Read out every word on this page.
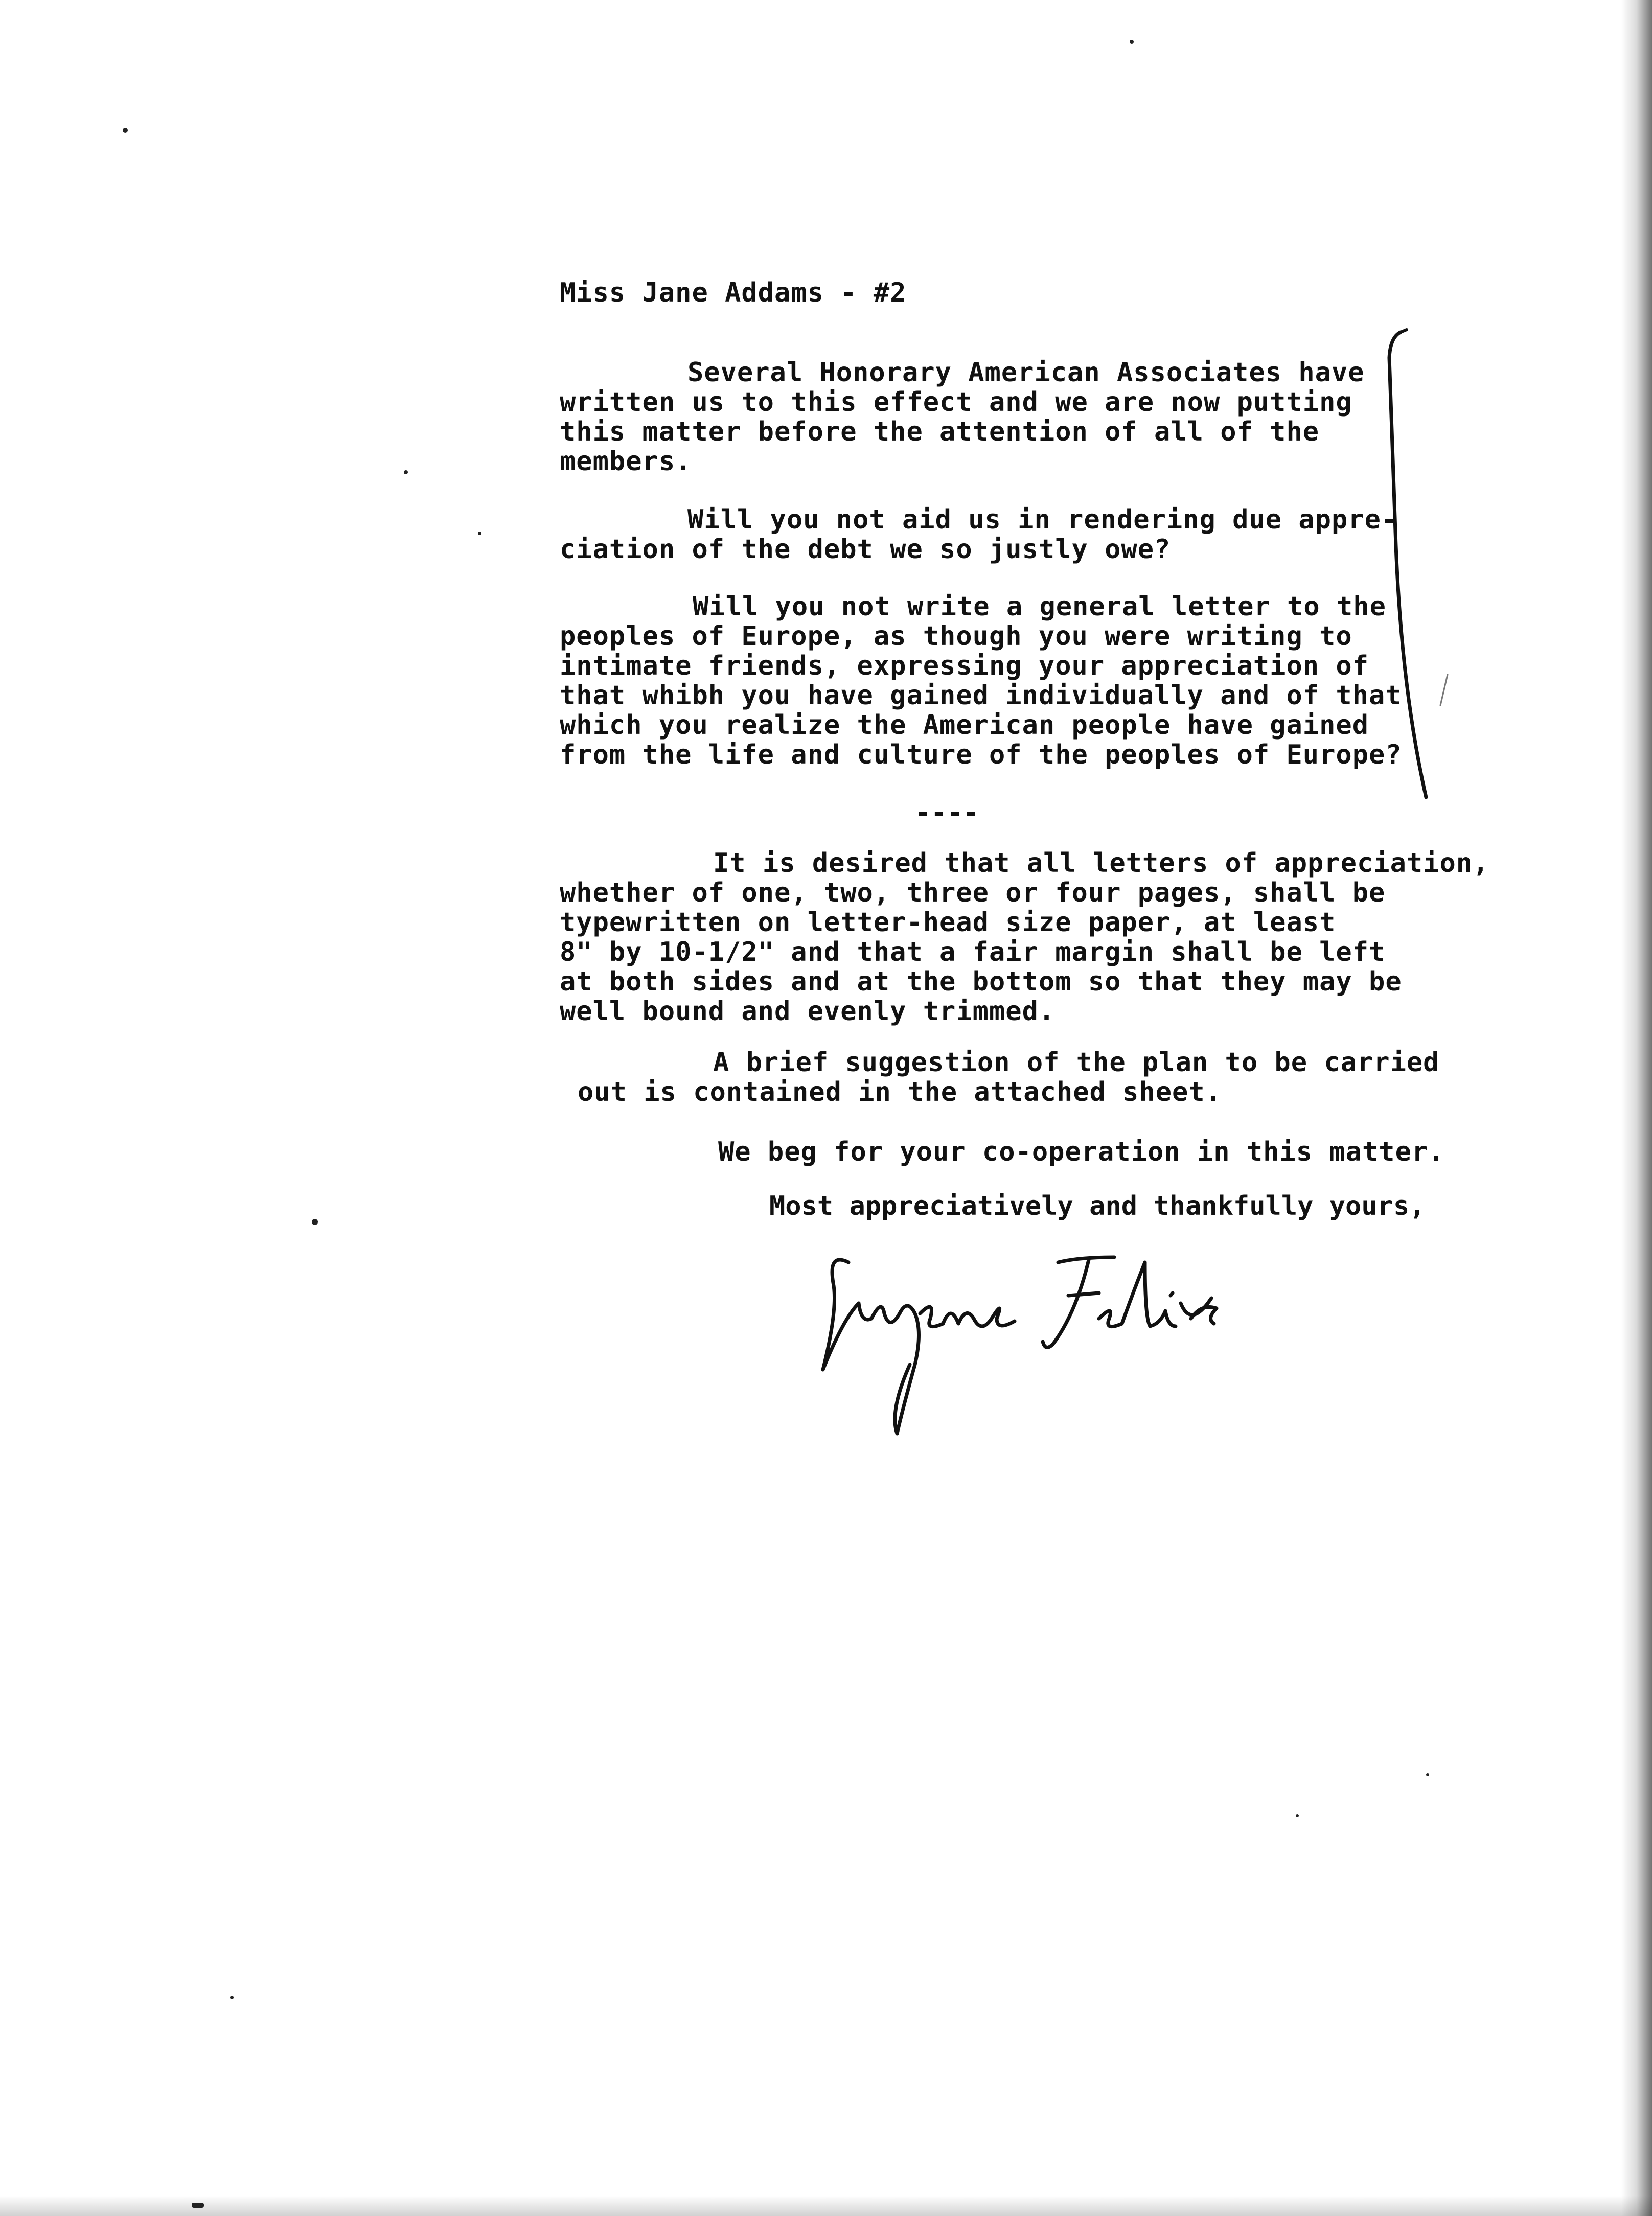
Miss Jane Addams - #2
Several Honorary American Associates have
written us to this effect and we are now putting
this matter before the attention of all of the
members.
Will you not aid us in rendering due appre-
ciation of the debt we so justly owe?
Will you not write a general letter to the
peoples of Europe, as though you were writing to
intimate friends, expressing your appreciation of
that whibh you have gained individually and of that
which you realize the American people have gained
from the life and culture of the peoples of Europe?
----
It is desired that all letters of appreciation,
whether of one, two, three or four pages, shall be
typewritten on letter-head size paper, at least
8" by 10-1/2" and that a fair margin shall be left
at both sides and at the bottom so that they may be
well bound and evenly trimmed.
A brief suggestion of the plan to be carried
out is contained in the attached sheet.
We beg for your co-operation in this matter.
Most appreciatively and thankfully yours,
